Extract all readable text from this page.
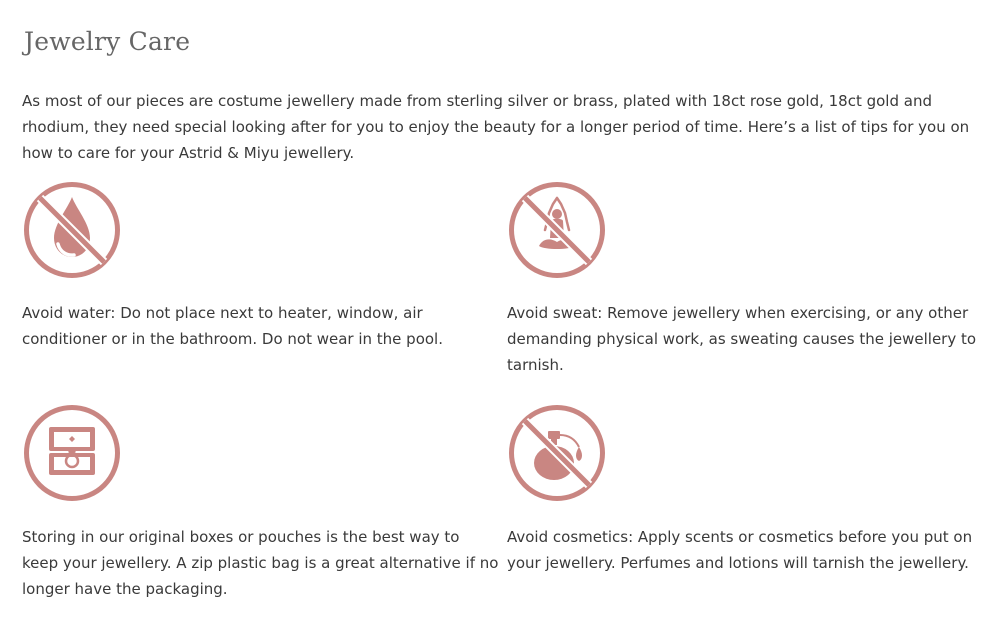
Jewelry Care

As most of our pieces are costume jewellery made from sterling silver or brass, plated with 18ct rose gold, 18ct gold and rhodium, they need special looking after for you to enjoy the beauty for a longer period of time. Here’s a list of tips for you on how to care for your Astrid & Miyu jewellery.

Avoid water: Do not place next to heater, window, air conditioner or in the bathroom. Do not wear in the pool.

Avoid sweat: Remove jewellery when exercising, or any other demanding physical work, as sweating causes the jewellery to tarnish.

Storing in our original boxes or pouches is the best way to keep your jewellery. A zip plastic bag is a great alternative if no longer have the packaging.

Avoid cosmetics: Apply scents or cosmetics before you put on your jewellery. Perfumes and lotions will tarnish the jewellery.
